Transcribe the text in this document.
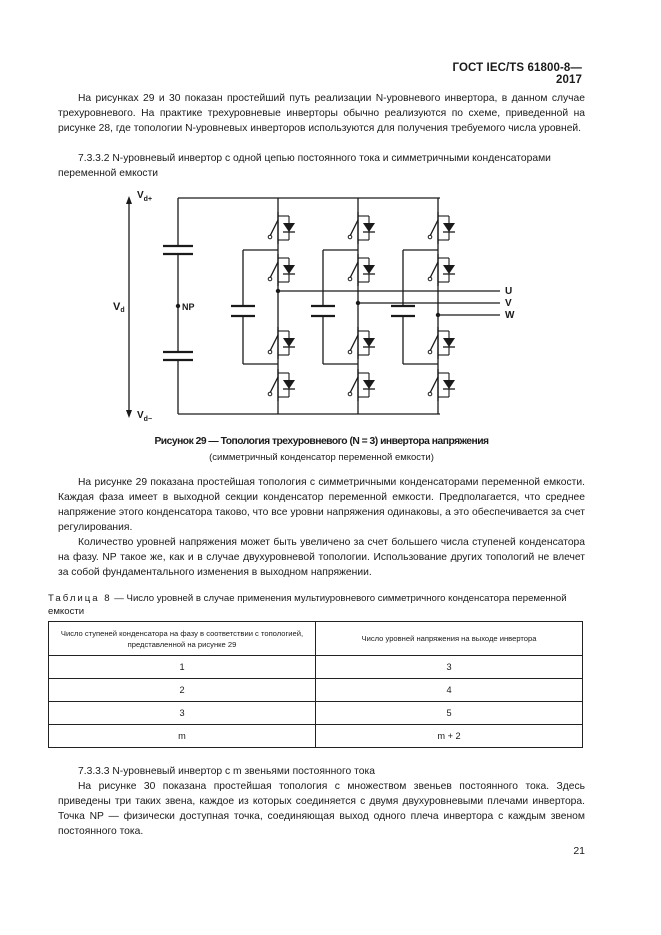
ГОСТ IEC/TS 61800-8—2017
На рисунках 29 и 30 показан простейший путь реализации N-уровневого инвертора, в данном случае трехуровневого. На практике трехуровневые инверторы обычно реализуются по схеме, приведенной на рисунке 28, где топологии N-уровневых инверторов используются для получения требуемого числа уровней.
7.3.3.2 N-уровневый инвертор с одной цепью постоянного тока и симметричными конденсаторами переменной емкости
Vd
$V_{d+}$
$V_{d-}$
NP
U
V
W
Рисунок 29 — Топология трехуровневого (N = 3) инвертора напряжения
(симметричный конденсатор переменной емкости)
На рисунке 29 показана простейшая топология с симметричными конденсаторами переменной емкости. Каждая фаза имеет в выходной секции конденсатор переменной емкости. Предполагается, что среднее напряжение этого конденсатора таково, что все уровни напряжения одинаковы, а это обеспечивается за счет регулирования.
Количество уровней напряжения может быть увеличено за счет большего числа ступеней конденсатора на фазу. NP такое же, как и в случае двухуровневой топологии. Использование других топологий не влечет за собой фундаментального изменения в выходном напряжении.
Таблица 8 — Число уровней в случае применения мультиуровневого симметричного конденсатора переменной емкости
Число ступеней конденсатора на фазу в соответствии с топологией, представленной на рисунке 29	Число уровней напряжения на выходе инвертора
1	3
2	4
3	5
m	m + 2
7.3.3.3 N-уровневый инвертор с m звеньями постоянного тока
На рисунке 30 показана простейшая топология с множеством звеньев постоянного тока. Здесь приведены три таких звена, каждое из которых соединяется с двумя двухуровневыми плечами инвертора. Точка NP — физически доступная точка, соединяющая выход одного плеча инвертора с каждым звеном постоянного тока.
21
